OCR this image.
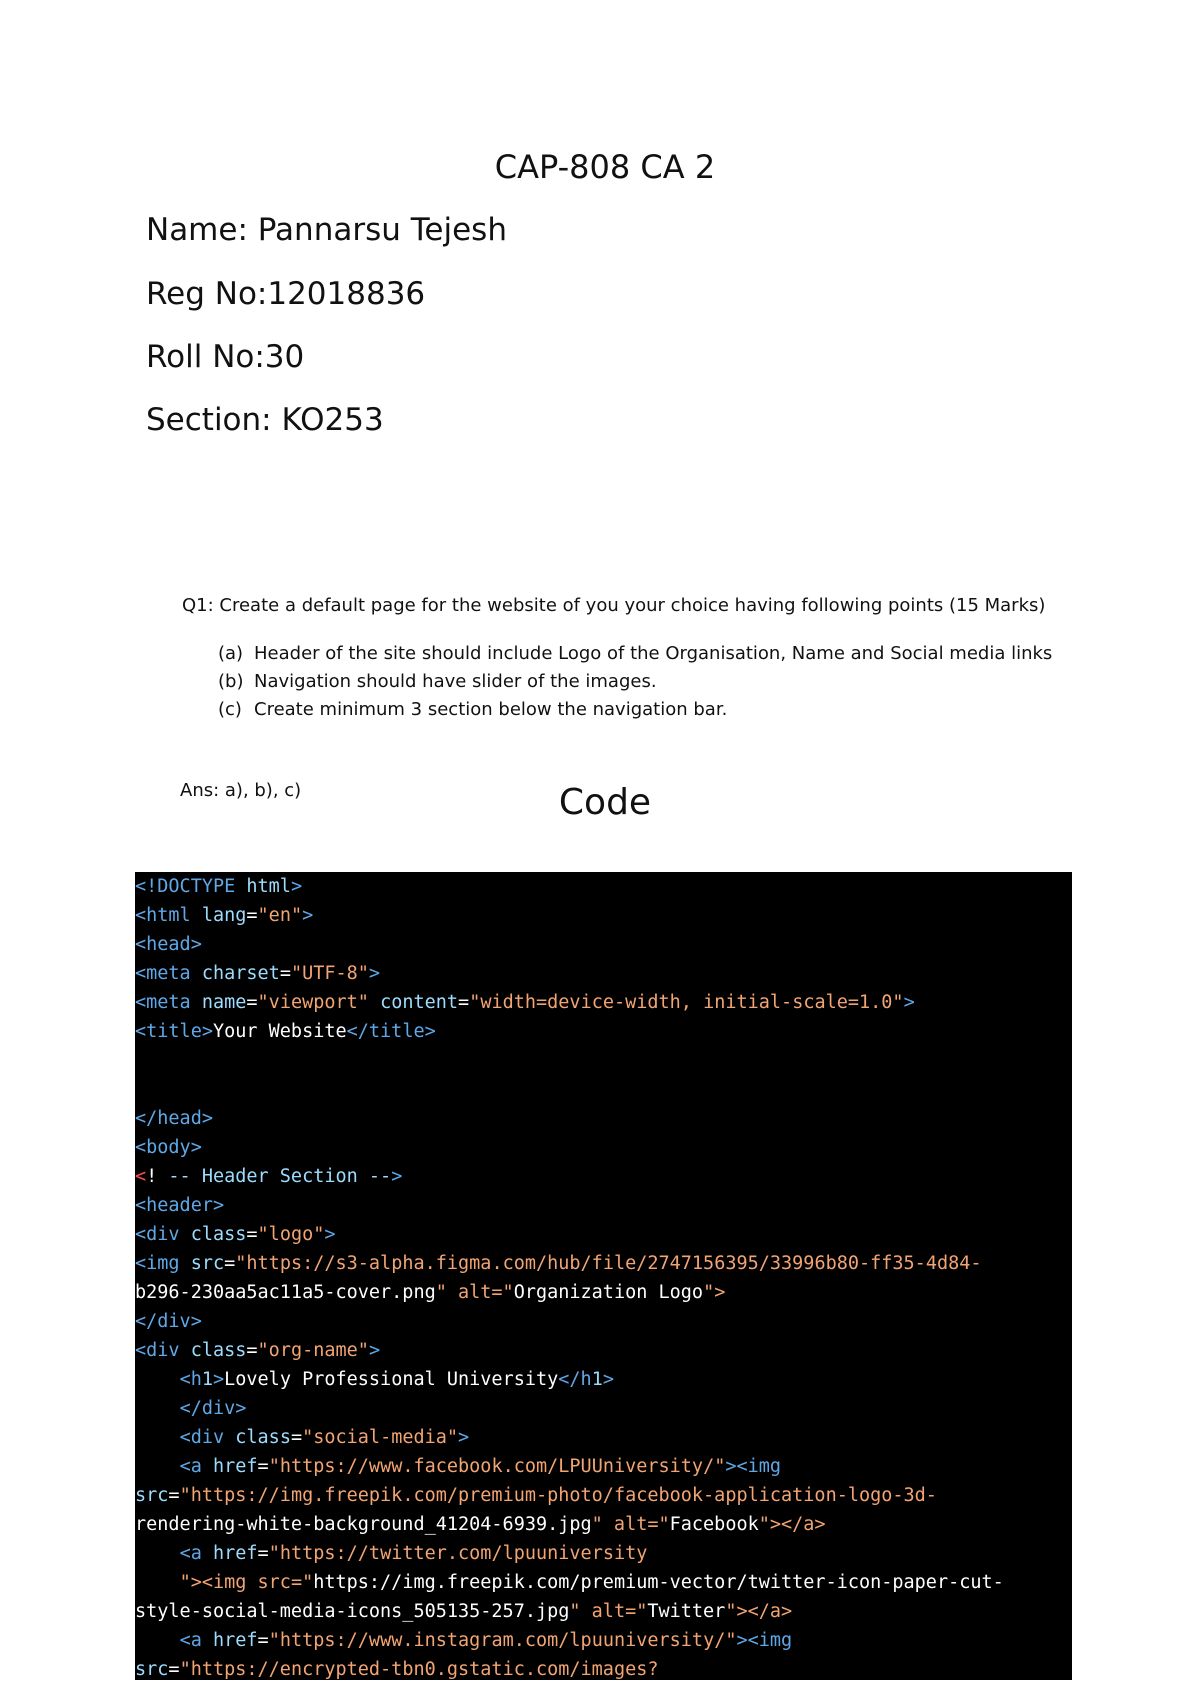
CAP-808 CA 2
Name: Pannarsu Tejesh
Reg No:12018836
Roll No:30
Section: KO253
Q1: Create a default page for the website of you your choice having following points (15 Marks)
(a) Header of the site should include Logo of the Organisation, Name and Social media links
(b) Navigation should have slider of the images.
(c) Create minimum 3 section below the navigation bar.
Ans: a), b), c)	Code
<!DOCTYPE html>
<html lang="en">
<head>
<meta charset="UTF-8">
<meta name="viewport" content="width=device-width, initial-scale=1.0">
<title>Your Website</title>
</head>
<body>
<! -- Header Section -->
<header>
<div class="logo">
<img src="https://s3-alpha.figma.com/hub/file/2747156395/33996b80-ff35-4d84-
b296-230aa5ac11a5-cover.png" alt="Organization Logo">
</div>
<div class="org-name">
<h1>Lovely Professional University</h1>
</div>
<div class="social-media">
<a href="https://www.facebook.com/LPUUniversity/"><img
src="https://img.freepik.com/premium-photo/facebook-application-logo-3d-
rendering-white-background_41204-6939.jpg" alt="Facebook"></a>
<a href="https://twitter.com/lpuuniversity
"><img src="https://img.freepik.com/premium-vector/twitter-icon-paper-cut-
style-social-media-icons_505135-257.jpg" alt="Twitter"></a>
<a href="https://www.instagram.com/lpuuniversity/"><img
src="https://encrypted-tbn0.gstatic.com/images?
